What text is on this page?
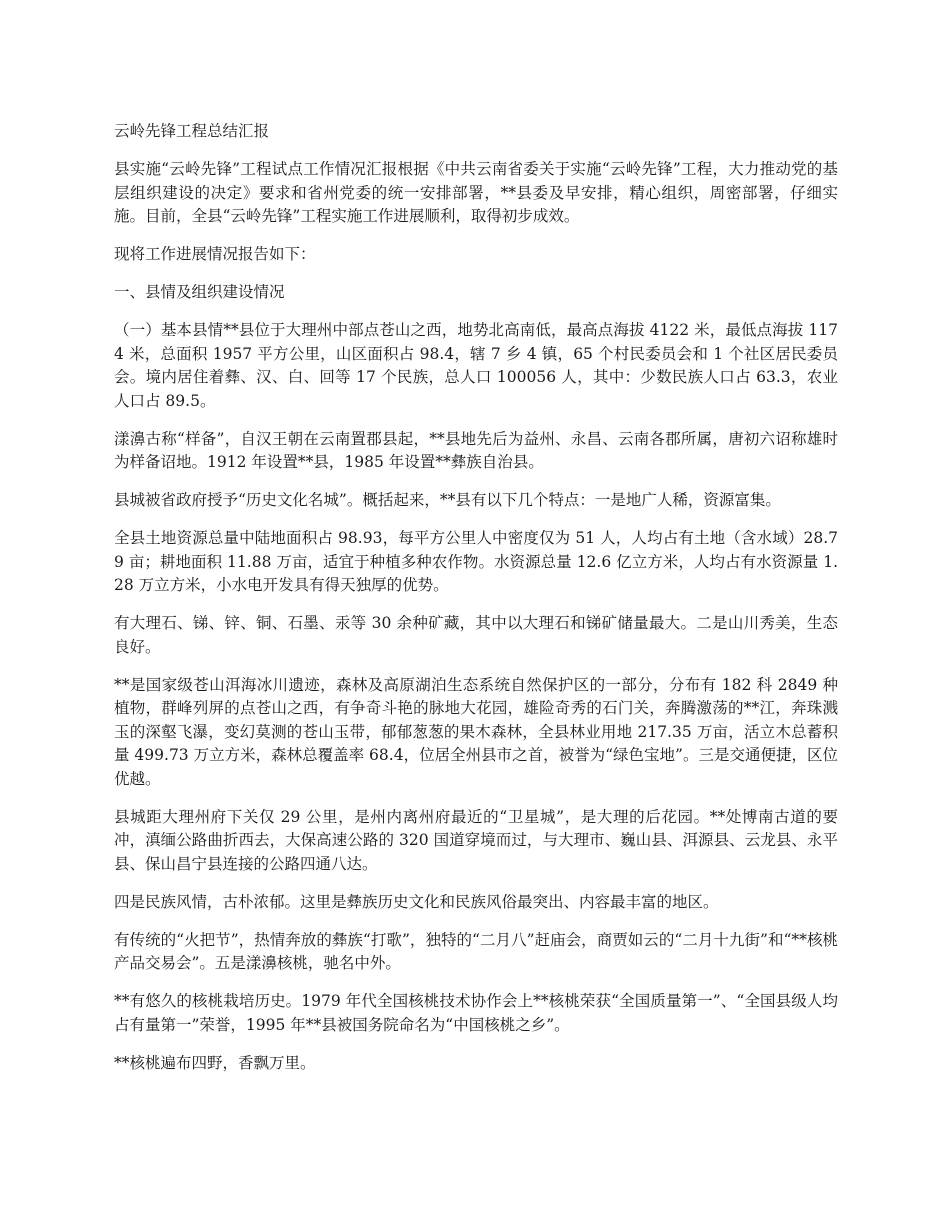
云岭先锋工程总结汇报

县实施“云岭先锋”工程试点工作情况汇报根据《中共云南省委关于实施“云岭先锋”工程，大力推动党的基层组织建设的决定》要求和省州党委的统一安排部署，**县委及早安排，精心组织，周密部署，仔细实施。目前，全县“云岭先锋”工程实施工作进展顺利，取得初步成效。

现将工作进展情况报告如下：

一、县情及组织建设情况

（一）基本县情**县位于大理州中部点苍山之西，地势北高南低，最高点海拔 4122 米，最低点海拔 1174 米，总面积 1957 平方公里，山区面积占 98.4，辖 7 乡 4 镇，65 个村民委员会和 1 个社区居民委员会。境内居住着彝、汉、白、回等 17 个民族，总人口 100056 人，其中：少数民族人口占 63.3，农业人口占 89.5。

漾濞古称“样备”，自汉王朝在云南置郡县起，**县地先后为益州、永昌、云南各郡所属，唐初六诏称雄时为样备诏地。1912 年设置**县，1985 年设置**彝族自治县。

县城被省政府授予“历史文化名城”。概括起来，**县有以下几个特点：一是地广人稀，资源富集。

全县土地资源总量中陆地面积占 98.93，每平方公里人中密度仅为 51 人，人均占有土地（含水域）28.79 亩；耕地面积 11.88 万亩，适宜于种植多种农作物。水资源总量 12.6 亿立方米，人均占有水资源量 1.28 万立方米，小水电开发具有得天独厚的优势。

有大理石、锑、锌、铜、石墨、汞等 30 余种矿藏，其中以大理石和锑矿储量最大。二是山川秀美，生态良好。

**是国家级苍山洱海冰川遗迹，森林及高原湖泊生态系统自然保护区的一部分，分布有 182 科 2849 种植物，群峰列屏的点苍山之西，有争奇斗艳的脉地大花园，雄险奇秀的石门关，奔腾激荡的**江，奔珠溅玉的深壑飞瀑，变幻莫测的苍山玉带，郁郁葱葱的果木森林，全县林业用地 217.35 万亩，活立木总蓄积量 499.73 万立方米，森林总覆盖率 68.4，位居全州县市之首，被誉为“绿色宝地”。三是交通便捷，区位优越。

县城距大理州府下关仅 29 公里，是州内离州府最近的“卫星城”，是大理的后花园。**处博南古道的要冲，滇缅公路曲折西去，大保高速公路的 320 国道穿境而过，与大理市、巍山县、洱源县、云龙县、永平县、保山昌宁县连接的公路四通八达。

四是民族风情，古朴浓郁。这里是彝族历史文化和民族风俗最突出、内容最丰富的地区。

有传统的“火把节”，热情奔放的彝族“打歌”，独特的“二月八”赶庙会，商贾如云的“二月十九街”和“**核桃产品交易会”。五是漾濞核桃，驰名中外。

**有悠久的核桃栽培历史。1979 年代全国核桃技术协作会上**核桃荣获“全国质量第一”、“全国县级人均占有量第一”荣誉，1995 年**县被国务院命名为“中国核桃之乡”。

**核桃遍布四野，香飘万里。
